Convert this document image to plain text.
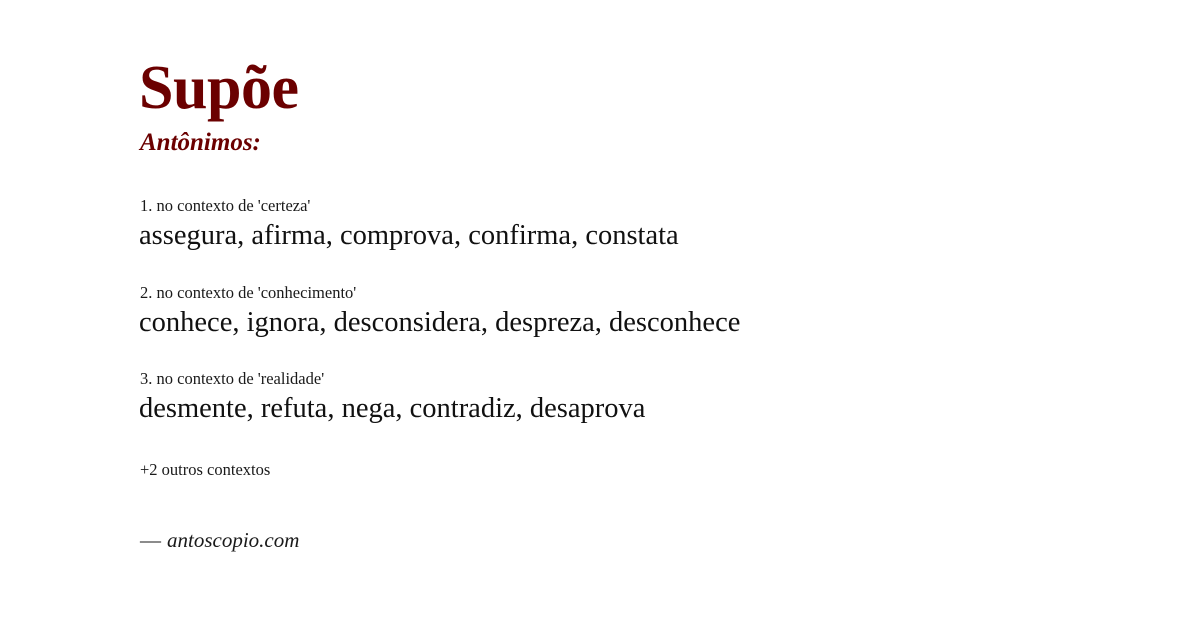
Supõe
Antônimos:
1. no contexto de 'certeza'
assegura, afirma, comprova, confirma, constata
2. no contexto de 'conhecimento'
conhece, ignora, desconsidera, despreza, desconhece
3. no contexto de 'realidade'
desmente, refuta, nega, contradiz, desaprova
+2 outros contextos
— antoscopio.com
